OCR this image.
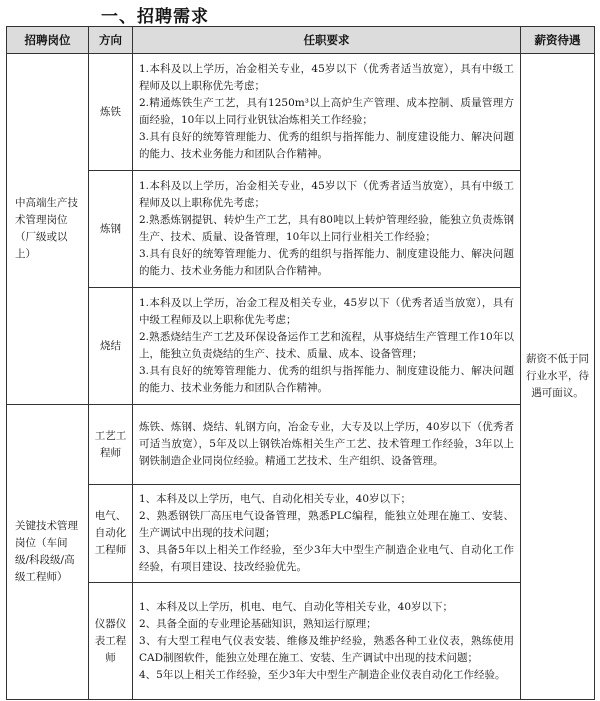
一、招聘需求
招聘岗位	方向	任职要求	薪资待遇
中高端生产技术管理岗位（厂级或以上）	炼铁	1.本科及以上学历，冶金相关专业，45岁以下（优秀者适当放宽），具有中级工程师及以上职称优先考虑；
2.精通炼铁生产工艺，具有1250m³以上高炉生产管理、成本控制、质量管理方面经验，10年以上同行业钒钛冶炼相关工作经验；
3.具有良好的统筹管理能力、优秀的组织与指挥能力、制度建设能力、解决问题的能力、技术业务能力和团队合作精神。	薪资不低于同行业水平，待遇可面议。
	炼钢	1.本科及以上学历，冶金相关专业，45岁以下（优秀者适当放宽），具有中级工程师及以上职称优先考虑；
2.熟悉炼钢提钒、转炉生产工艺，具有80吨以上转炉管理经验，能独立负责炼钢生产、技术、质量、设备管理，10年以上同行业相关工作经验；
3.具有良好的统筹管理能力、优秀的组织与指挥能力、制度建设能力、解决问题的能力、技术业务能力和团队合作精神。	

	烧结	1.本科及以上学历，冶金工程及相关专业，45岁以下（优秀者适当放宽），具有中级工程师及以上职称优先考虑；
2.熟悉烧结生产工艺及环保设备运作工艺和流程，从事烧结生产管理工作10年以上，能独立负责烧结的生产、技术、质量、成本、设备管理；
3.具有良好的统筹管理能力、优秀的组织与指挥能力、制度建设能力、解决问题的能力、技术业务能力和团队合作精神。	

关键技术管理岗位（车间级/科段级/高级工程师）	工艺工程师	炼铁、炼钢、烧结、轧钢方向，冶金专业，大专及以上学历，40岁以下（优秀者可适当放宽），5年及以上钢铁冶炼相关生产工艺、技术管理工作经验，3年以上钢铁制造企业同岗位经验。精通工艺技术、生产组织、设备管理。	

	电气、自动化工程师	1、本科及以上学历，电气、自动化相关专业，40岁以下；
2、熟悉钢铁厂高压电气设备管理，熟悉PLC编程，能独立处理在施工、安装、生产调试中出现的技术问题；
3、具备5年以上相关工作经验，至少3年大中型生产制造企业电气、自动化工作经验，有项目建设、技改经验优先。	

	仪器仪表工程师	1、本科及以上学历，机电、电气、自动化等相关专业，40岁以下；
2、具备全面的专业理论基础知识，熟知运行原理；
3、有大型工程电气仪表安装、维修及维护经验，熟悉各种工业仪表，熟练使用CAD制图软件，能独立处理在施工、安装、生产调试中出现的技术问题；
4、5年以上相关工作经验，至少3年大中型生产制造企业仪表自动化工作经验。	
